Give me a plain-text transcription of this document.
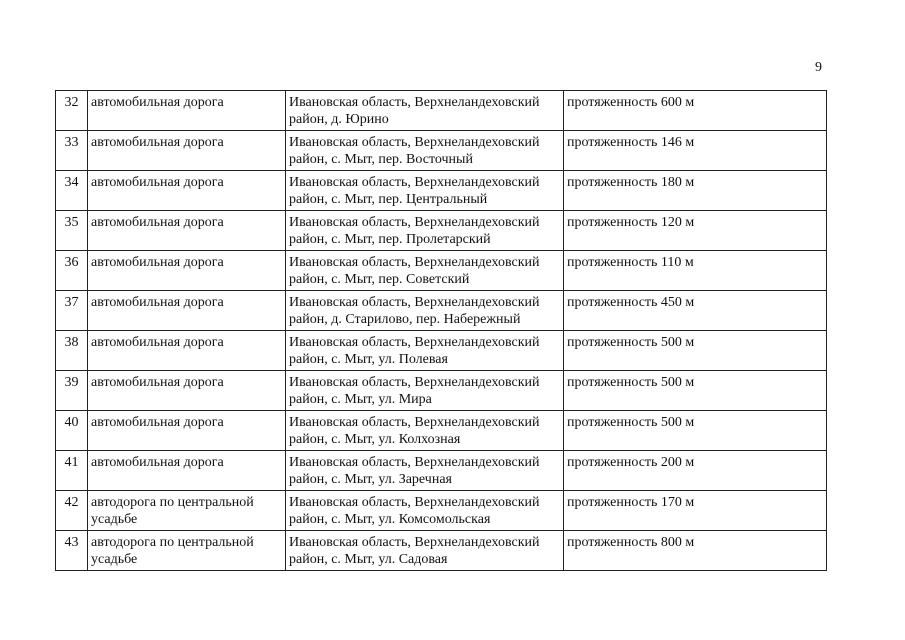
9
32	автомобильная дорога	Ивановская область, Верхнеландеховский
район, д. Юрино	протяженность 600 м
33	автомобильная дорога	Ивановская область, Верхнеландеховский
район, с. Мыт, пер. Восточный	протяженность 146 м
34	автомобильная дорога	Ивановская область, Верхнеландеховский
район, с. Мыт, пер. Центральный	протяженность 180 м
35	автомобильная дорога	Ивановская область, Верхнеландеховский
район, с. Мыт, пер. Пролетарский	протяженность 120 м
36	автомобильная дорога	Ивановская область, Верхнеландеховский
район, с. Мыт, пер. Советский	протяженность 110 м
37	автомобильная дорога	Ивановская область, Верхнеландеховский
район, д. Старилово, пер. Набережный	протяженность 450 м
38	автомобильная дорога	Ивановская область, Верхнеландеховский
район, с. Мыт, ул. Полевая	протяженность 500 м
39	автомобильная дорога	Ивановская область, Верхнеландеховский
район, с. Мыт, ул. Мира	протяженность 500 м
40	автомобильная дорога	Ивановская область, Верхнеландеховский
район, с. Мыт, ул. Колхозная	протяженность 500 м
41	автомобильная дорога	Ивановская область, Верхнеландеховский
район, с. Мыт, ул. Заречная	протяженность 200 м
42	автодорога по центральной усадьбе	Ивановская область, Верхнеландеховский
район, с. Мыт, ул. Комсомольская	протяженность 170 м
43	автодорога по центральной усадьбе	Ивановская область, Верхнеландеховский
район, с. Мыт, ул. Садовая	протяженность 800 м
